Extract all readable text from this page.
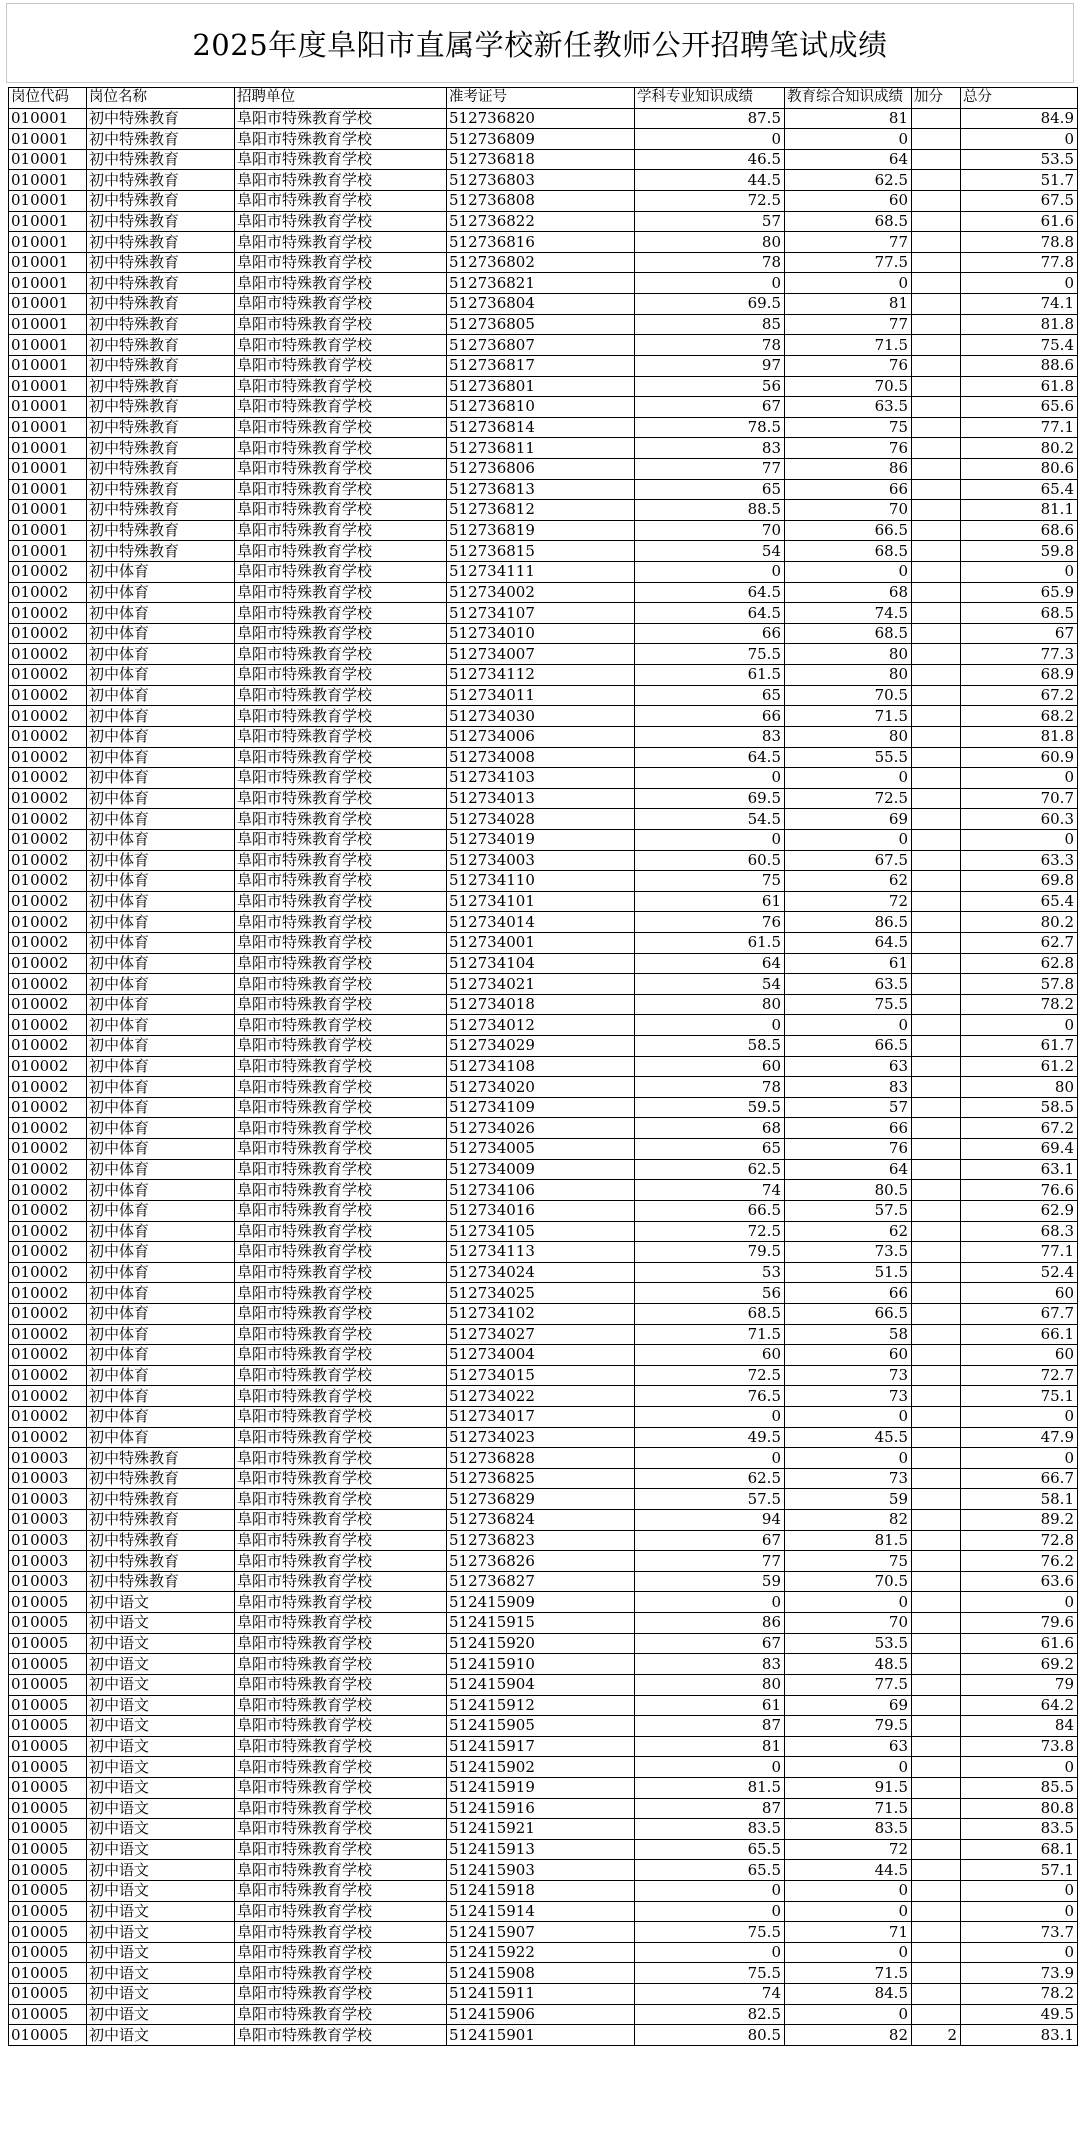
2025年度阜阳市直属学校新任教师公开招聘笔试成绩
岗位代码	岗位名称	招聘单位	准考证号	学科专业知识成绩	教育综合知识成绩	加分	总分
010001	初中特殊教育	阜阳市特殊教育学校	512736820	87.5	81		84.9
010001	初中特殊教育	阜阳市特殊教育学校	512736809	0	0		0
010001	初中特殊教育	阜阳市特殊教育学校	512736818	46.5	64		53.5
010001	初中特殊教育	阜阳市特殊教育学校	512736803	44.5	62.5		51.7
010001	初中特殊教育	阜阳市特殊教育学校	512736808	72.5	60		67.5
010001	初中特殊教育	阜阳市特殊教育学校	512736822	57	68.5		61.6
010001	初中特殊教育	阜阳市特殊教育学校	512736816	80	77		78.8
010001	初中特殊教育	阜阳市特殊教育学校	512736802	78	77.5		77.8
010001	初中特殊教育	阜阳市特殊教育学校	512736821	0	0		0
010001	初中特殊教育	阜阳市特殊教育学校	512736804	69.5	81		74.1
010001	初中特殊教育	阜阳市特殊教育学校	512736805	85	77		81.8
010001	初中特殊教育	阜阳市特殊教育学校	512736807	78	71.5		75.4
010001	初中特殊教育	阜阳市特殊教育学校	512736817	97	76		88.6
010001	初中特殊教育	阜阳市特殊教育学校	512736801	56	70.5		61.8
010001	初中特殊教育	阜阳市特殊教育学校	512736810	67	63.5		65.6
010001	初中特殊教育	阜阳市特殊教育学校	512736814	78.5	75		77.1
010001	初中特殊教育	阜阳市特殊教育学校	512736811	83	76		80.2
010001	初中特殊教育	阜阳市特殊教育学校	512736806	77	86		80.6
010001	初中特殊教育	阜阳市特殊教育学校	512736813	65	66		65.4
010001	初中特殊教育	阜阳市特殊教育学校	512736812	88.5	70		81.1
010001	初中特殊教育	阜阳市特殊教育学校	512736819	70	66.5		68.6
010001	初中特殊教育	阜阳市特殊教育学校	512736815	54	68.5		59.8
010002	初中体育	阜阳市特殊教育学校	512734111	0	0		0
010002	初中体育	阜阳市特殊教育学校	512734002	64.5	68		65.9
010002	初中体育	阜阳市特殊教育学校	512734107	64.5	74.5		68.5
010002	初中体育	阜阳市特殊教育学校	512734010	66	68.5		67
010002	初中体育	阜阳市特殊教育学校	512734007	75.5	80		77.3
010002	初中体育	阜阳市特殊教育学校	512734112	61.5	80		68.9
010002	初中体育	阜阳市特殊教育学校	512734011	65	70.5		67.2
010002	初中体育	阜阳市特殊教育学校	512734030	66	71.5		68.2
010002	初中体育	阜阳市特殊教育学校	512734006	83	80		81.8
010002	初中体育	阜阳市特殊教育学校	512734008	64.5	55.5		60.9
010002	初中体育	阜阳市特殊教育学校	512734103	0	0		0
010002	初中体育	阜阳市特殊教育学校	512734013	69.5	72.5		70.7
010002	初中体育	阜阳市特殊教育学校	512734028	54.5	69		60.3
010002	初中体育	阜阳市特殊教育学校	512734019	0	0		0
010002	初中体育	阜阳市特殊教育学校	512734003	60.5	67.5		63.3
010002	初中体育	阜阳市特殊教育学校	512734110	75	62		69.8
010002	初中体育	阜阳市特殊教育学校	512734101	61	72		65.4
010002	初中体育	阜阳市特殊教育学校	512734014	76	86.5		80.2
010002	初中体育	阜阳市特殊教育学校	512734001	61.5	64.5		62.7
010002	初中体育	阜阳市特殊教育学校	512734104	64	61		62.8
010002	初中体育	阜阳市特殊教育学校	512734021	54	63.5		57.8
010002	初中体育	阜阳市特殊教育学校	512734018	80	75.5		78.2
010002	初中体育	阜阳市特殊教育学校	512734012	0	0		0
010002	初中体育	阜阳市特殊教育学校	512734029	58.5	66.5		61.7
010002	初中体育	阜阳市特殊教育学校	512734108	60	63		61.2
010002	初中体育	阜阳市特殊教育学校	512734020	78	83		80
010002	初中体育	阜阳市特殊教育学校	512734109	59.5	57		58.5
010002	初中体育	阜阳市特殊教育学校	512734026	68	66		67.2
010002	初中体育	阜阳市特殊教育学校	512734005	65	76		69.4
010002	初中体育	阜阳市特殊教育学校	512734009	62.5	64		63.1
010002	初中体育	阜阳市特殊教育学校	512734106	74	80.5		76.6
010002	初中体育	阜阳市特殊教育学校	512734016	66.5	57.5		62.9
010002	初中体育	阜阳市特殊教育学校	512734105	72.5	62		68.3
010002	初中体育	阜阳市特殊教育学校	512734113	79.5	73.5		77.1
010002	初中体育	阜阳市特殊教育学校	512734024	53	51.5		52.4
010002	初中体育	阜阳市特殊教育学校	512734025	56	66		60
010002	初中体育	阜阳市特殊教育学校	512734102	68.5	66.5		67.7
010002	初中体育	阜阳市特殊教育学校	512734027	71.5	58		66.1
010002	初中体育	阜阳市特殊教育学校	512734004	60	60		60
010002	初中体育	阜阳市特殊教育学校	512734015	72.5	73		72.7
010002	初中体育	阜阳市特殊教育学校	512734022	76.5	73		75.1
010002	初中体育	阜阳市特殊教育学校	512734017	0	0		0
010002	初中体育	阜阳市特殊教育学校	512734023	49.5	45.5		47.9
010003	初中特殊教育	阜阳市特殊教育学校	512736828	0	0		0
010003	初中特殊教育	阜阳市特殊教育学校	512736825	62.5	73		66.7
010003	初中特殊教育	阜阳市特殊教育学校	512736829	57.5	59		58.1
010003	初中特殊教育	阜阳市特殊教育学校	512736824	94	82		89.2
010003	初中特殊教育	阜阳市特殊教育学校	512736823	67	81.5		72.8
010003	初中特殊教育	阜阳市特殊教育学校	512736826	77	75		76.2
010003	初中特殊教育	阜阳市特殊教育学校	512736827	59	70.5		63.6
010005	初中语文	阜阳市特殊教育学校	512415909	0	0		0
010005	初中语文	阜阳市特殊教育学校	512415915	86	70		79.6
010005	初中语文	阜阳市特殊教育学校	512415920	67	53.5		61.6
010005	初中语文	阜阳市特殊教育学校	512415910	83	48.5		69.2
010005	初中语文	阜阳市特殊教育学校	512415904	80	77.5		79
010005	初中语文	阜阳市特殊教育学校	512415912	61	69		64.2
010005	初中语文	阜阳市特殊教育学校	512415905	87	79.5		84
010005	初中语文	阜阳市特殊教育学校	512415917	81	63		73.8
010005	初中语文	阜阳市特殊教育学校	512415902	0	0		0
010005	初中语文	阜阳市特殊教育学校	512415919	81.5	91.5		85.5
010005	初中语文	阜阳市特殊教育学校	512415916	87	71.5		80.8
010005	初中语文	阜阳市特殊教育学校	512415921	83.5	83.5		83.5
010005	初中语文	阜阳市特殊教育学校	512415913	65.5	72		68.1
010005	初中语文	阜阳市特殊教育学校	512415903	65.5	44.5		57.1
010005	初中语文	阜阳市特殊教育学校	512415918	0	0		0
010005	初中语文	阜阳市特殊教育学校	512415914	0	0		0
010005	初中语文	阜阳市特殊教育学校	512415907	75.5	71		73.7
010005	初中语文	阜阳市特殊教育学校	512415922	0	0		0
010005	初中语文	阜阳市特殊教育学校	512415908	75.5	71.5		73.9
010005	初中语文	阜阳市特殊教育学校	512415911	74	84.5		78.2
010005	初中语文	阜阳市特殊教育学校	512415906	82.5	0		49.5
010005	初中语文	阜阳市特殊教育学校	512415901	80.5	82	2	83.1
